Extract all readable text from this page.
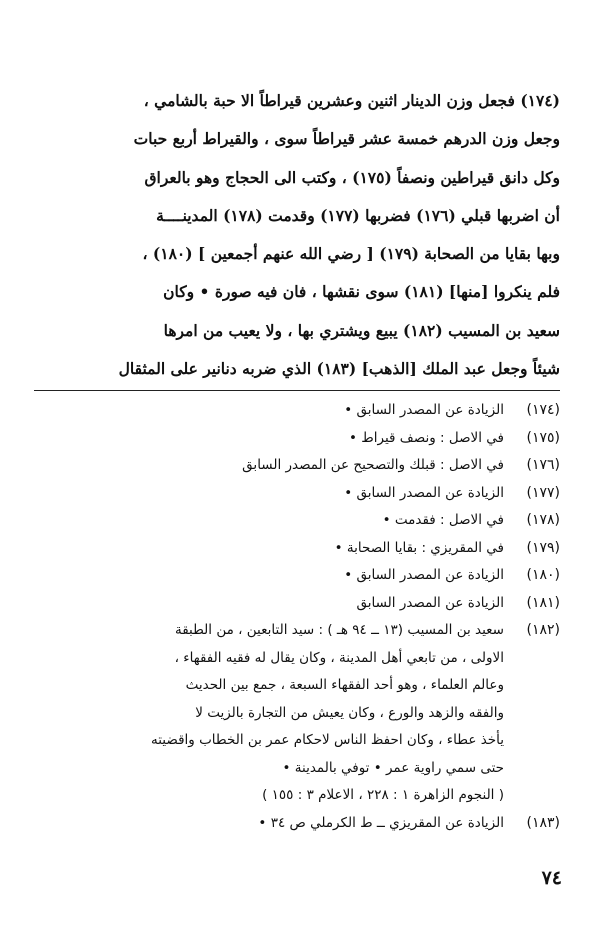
(١٧٤) فجعل وزن الدينار اثنين وعشرين قيراطاً الا حبة بالشامي ،
وجعل وزن الدرهم خمسة عشر قيراطاً سوى ، والقيراط أربع حبات
وكل دانق قيراطين ونصفاً (١٧٥) ، وكتب الى الحجاج وهو بالعراق
أن اضربها قبلي (١٧٦) فضربها (١٧٧) وقدمت (١٧٨) المدينــــة
وبها بقايا من الصحابة (١٧٩) [ رضي الله عنهم أجمعين ] (١٨٠) ،
فلم ينكروا [منها] (١٨١) سوى نقشها ، فان فيه صورة • وكان
سعيد بن المسيب (١٨٢) يبيع ويشتري بها ، ولا يعيب من امرها
شيئاً وجعل عبد الملك [الذهب] (١٨٣) الذي ضربه دنانير على المثقال
(١٧٤)
الزيادة عن المصدر السابق •
(١٧٥)
في الاصل : ونصف قيراط •
(١٧٦)
في الاصل : قبلك والتصحيح عن المصدر السابق
(١٧٧)
الزيادة عن المصدر السابق •
(١٧٨)
في الاصل : فقدمت •
(١٧٩)
في المقريزي : بقايا الصحابة •
(١٨٠)
الزيادة عن المصدر السابق •
(١٨١)
الزيادة عن المصدر السابق
(١٨٢)
سعيد بن المسيب (١٣ ــ ٩٤ هـ ) : سيد التابعين ، من الطبقة
الاولى ، من تابعي أهل المدينة ، وكان يقال له فقيه الفقهاء ،
وعالم العلماء ، وهو أحد الفقهاء السبعة ، جمع بين الحديث
والفقه والزهد والورع ، وكان يعيش من التجارة بالزيت لا
يأخذ عطاء ، وكان احفظ الناس لاحكام عمر بن الخطاب واقضيته
حتى سمي راوية عمر • توفي بالمدينة •
( النجوم الزاهرة ١ : ٢٢٨ ، الاعلام ٣ : ١٥٥ )
(١٨٣)
الزيادة عن المقريزي ــ ط الكرملي ص ٣٤ •
٧٤
